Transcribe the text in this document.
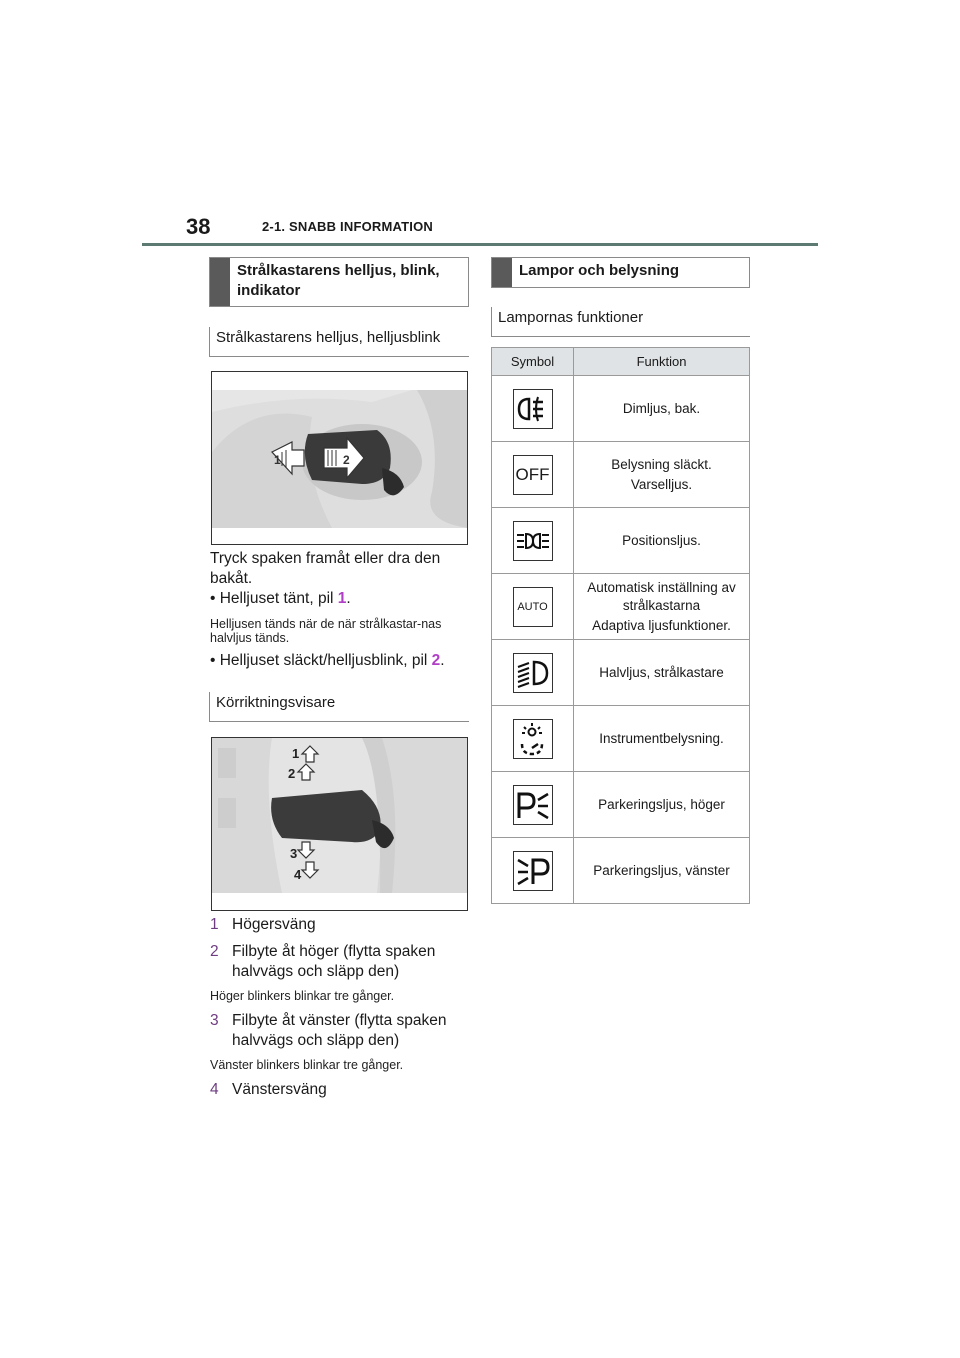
38	2-1. SNABB INFORMATION
Strålkastarens helljus, blink, indikator
Strålkastarens helljus, helljusblink
1	2
Tryck spaken framåt eller dra den bakåt.
• Helljuset tänt, pil 1.
Helljusen tänds när de när strålkastar-nas halvljus tänds.
• Helljuset släckt/helljusblink, pil 2.
Körriktningsvisare
1
2
3
4
1 Högersväng
2 Filbyte åt höger (flytta spaken halvvägs och släpp den)
Höger blinkers blinkar tre gånger.
3 Filbyte åt vänster (flytta spaken halvvägs och släpp den)
Vänster blinkers blinkar tre gånger.
4 Vänstersväng
Lampor och belysning
Lampornas funktioner
Symbol	Funktion

Dimljus, bak.

OFF	Belysning släckt.
Varselljus.

Positionsljus.

AUTO	Automatisk inställning av strålkastarna
Adaptiva ljusfunktioner.

Halvljus, strålkastare

Instrumentbelysning.

Parkeringsljus, höger

Parkeringsljus, vänster
